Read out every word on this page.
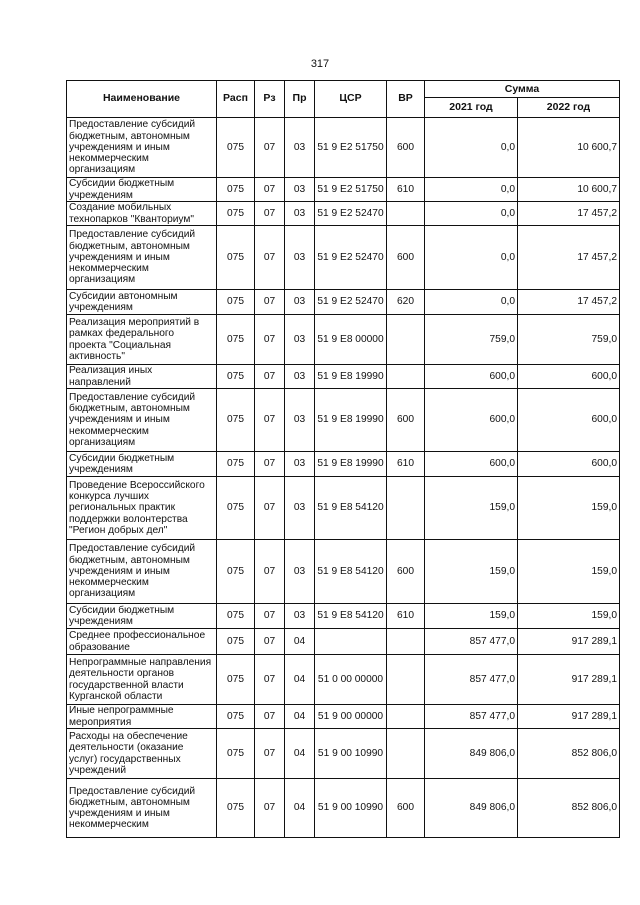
317
Наименование	Расп	Рз	Пр	ЦСР	ВР	Сумма	
						2021 год	2022 год
Предоставление субсидий бюджетным, автономным учреждениям и иным некоммерческим организациям	075	07	03	51 9 E2 51750	600	0,0	10 600,7
Субсидии бюджетным учреждениям	075	07	03	51 9 E2 51750	610	0,0	10 600,7
Создание мобильных технопарков "Кванториум"	075	07	03	51 9 E2 52470		0,0	17 457,2
Предоставление субсидий бюджетным, автономным учреждениям и иным некоммерческим организациям	075	07	03	51 9 E2 52470	600	0,0	17 457,2
Субсидии автономным учреждениям	075	07	03	51 9 E2 52470	620	0,0	17 457,2
Реализация мероприятий в рамках федерального проекта "Социальная активность"	075	07	03	51 9 E8 00000		759,0	759,0
Реализация иных направлений	075	07	03	51 9 E8 19990		600,0	600,0
Предоставление субсидий бюджетным, автономным учреждениям и иным некоммерческим организациям	075	07	03	51 9 E8 19990	600	600,0	600,0
Субсидии бюджетным учреждениям	075	07	03	51 9 E8 19990	610	600,0	600,0
Проведение Всероссийского конкурса лучших региональных практик поддержки волонтерства "Регион добрых дел"	075	07	03	51 9 E8 54120		159,0	159,0
Предоставление субсидий бюджетным, автономным учреждениям и иным некоммерческим организациям	075	07	03	51 9 E8 54120	600	159,0	159,0
Субсидии бюджетным учреждениям	075	07	03	51 9 E8 54120	610	159,0	159,0
Среднее профессиональное образование	075	07	04			857 477,0	917 289,1
Непрограммные направления деятельности органов государственной власти Курганской области	075	07	04	51 0 00 00000		857 477,0	917 289,1
Иные непрограммные мероприятия	075	07	04	51 9 00 00000		857 477,0	917 289,1
Расходы на обеспечение деятельности (оказание услуг) государственных учреждений	075	07	04	51 9 00 10990		849 806,0	852 806,0
Предоставление субсидий бюджетным, автономным учреждениям и иным некоммерческим	075	07	04	51 9 00 10990	600	849 806,0	852 806,0
